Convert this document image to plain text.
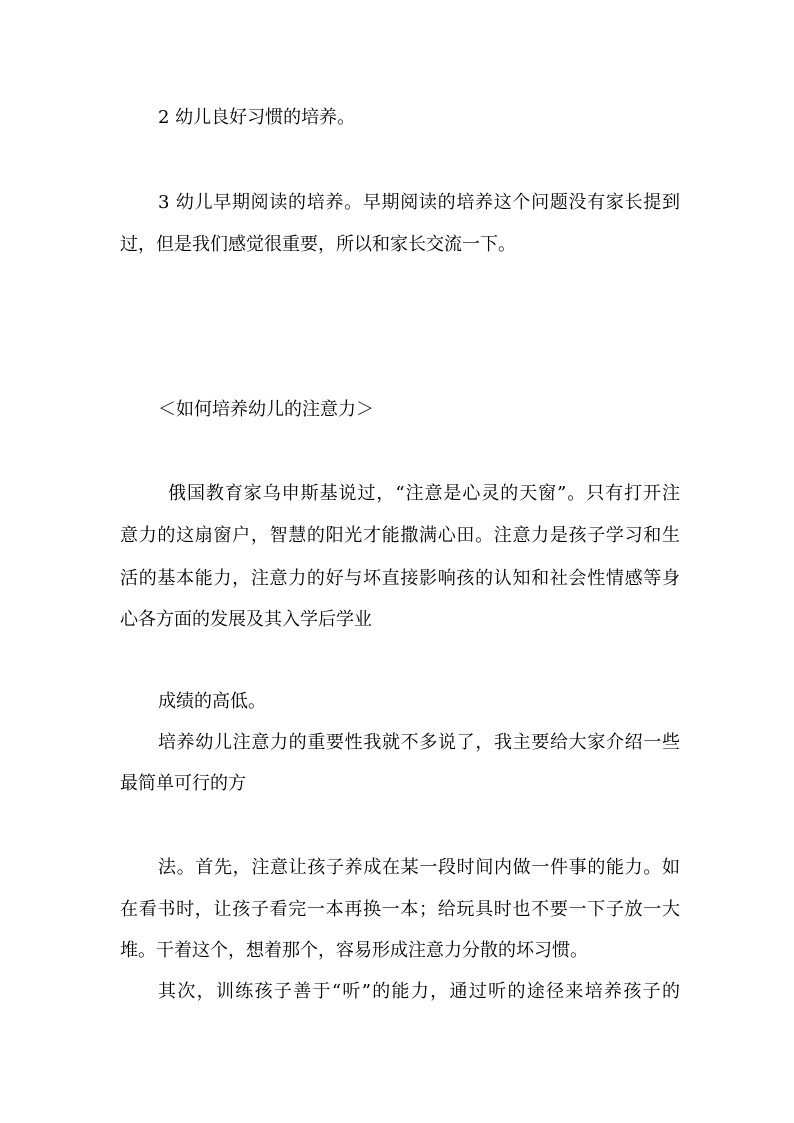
2 幼儿良好习惯的培养。
3 幼儿早期阅读的培养。早期阅读的培养这个问题没有家长提到
过，但是我们感觉很重要，所以和家长交流一下。
＜如何培养幼儿的注意力＞
俄国教育家乌申斯基说过，“注意是心灵的天窗”。只有打开注
意力的这扇窗户，智慧的阳光才能撒满心田。注意力是孩子学习和生
活的基本能力，注意力的好与坏直接影响孩的认知和社会性情感等身
心各方面的发展及其入学后学业
成绩的高低。
培养幼儿注意力的重要性我就不多说了，我主要给大家介绍一些
最简单可行的方
法。首先，注意让孩子养成在某一段时间内做一件事的能力。如
在看书时，让孩子看完一本再换一本；给玩具时也不要一下子放一大
堆。干着这个，想着那个，容易形成注意力分散的坏习惯。
其次，训练孩子善于“听”的能力，通过听的途径来培养孩子的
